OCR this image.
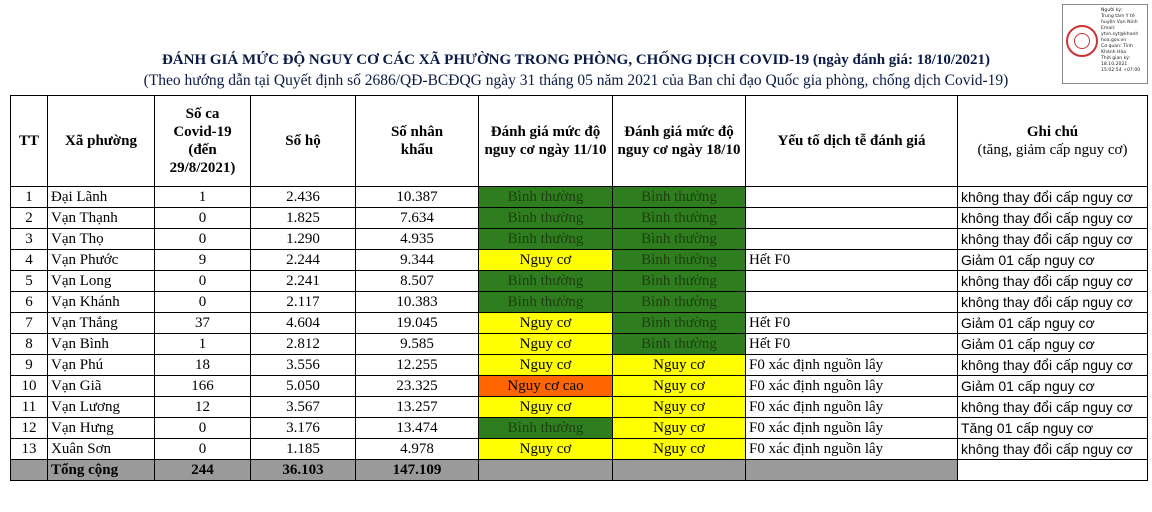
Người ký:
Trung tâm Y tế
huyện Vạn Ninh
Email:
ytvn.syt@khanh
hoa.gov.vn
Cơ quan: Tỉnh
Khánh Hòa
Thời gian ký:
18.10.2021
15:02:54 +07:00
ĐÁNH GIÁ MỨC ĐỘ NGUY CƠ CÁC XÃ PHƯỜNG TRONG PHÒNG, CHỐNG DỊCH COVID-19 (ngày đánh giá: 18/10/2021)
(Theo hướng dẫn tại Quyết định số 2686/QĐ-BCĐQG ngày 31 tháng 05 năm 2021 của Ban chỉ đạo Quốc gia phòng, chống dịch Covid-19)
TT	Xã phường	Số ca Covid-19 (đến 29/8/2021)	Số hộ	Số nhân khẩu	Đánh giá mức độ nguy cơ ngày 11/10	Đánh giá mức độ nguy cơ ngày 18/10	Yếu tố dịch tễ đánh giá	Ghi chú
(tăng, giảm cấp nguy cơ)

1	Đại Lãnh	1	2.436	10.387	Bình thường	Bình thường		không thay đổi cấp nguy cơ
2	Vạn Thạnh	0	1.825	7.634	Bình thường	Bình thường		không thay đổi cấp nguy cơ
3	Vạn Thọ	0	1.290	4.935	Bình thường	Bình thường		không thay đổi cấp nguy cơ
4	Vạn Phước	9	2.244	9.344	Nguy cơ	Bình thường	Hết F0	Giảm 01 cấp nguy cơ
5	Vạn Long	0	2.241	8.507	Bình thường	Bình thường		không thay đổi cấp nguy cơ
6	Vạn Khánh	0	2.117	10.383	Bình thường	Bình thường		không thay đổi cấp nguy cơ
7	Vạn Thắng	37	4.604	19.045	Nguy cơ	Bình thường	Hết F0	Giảm 01 cấp nguy cơ
8	Vạn Bình	1	2.812	9.585	Nguy cơ	Bình thường	Hết F0	Giảm 01 cấp nguy cơ
9	Vạn Phú	18	3.556	12.255	Nguy cơ	Nguy cơ	F0 xác định nguồn lây	không thay đổi cấp nguy cơ
10	Vạn Giã	166	5.050	23.325	Nguy cơ cao	Nguy cơ	F0 xác định nguồn lây	Giảm 01 cấp nguy cơ
11	Vạn Lương	12	3.567	13.257	Nguy cơ	Nguy cơ	F0 xác định nguồn lây	không thay đổi cấp nguy cơ
12	Vạn Hưng	0	3.176	13.474	Bình thường	Nguy cơ	F0 xác định nguồn lây	Tăng 01 cấp nguy cơ
13	Xuân Sơn	0	1.185	4.978	Nguy cơ	Nguy cơ	F0 xác định nguồn lây	không thay đổi cấp nguy cơ
	Tổng cộng	244	36.103	147.109				
